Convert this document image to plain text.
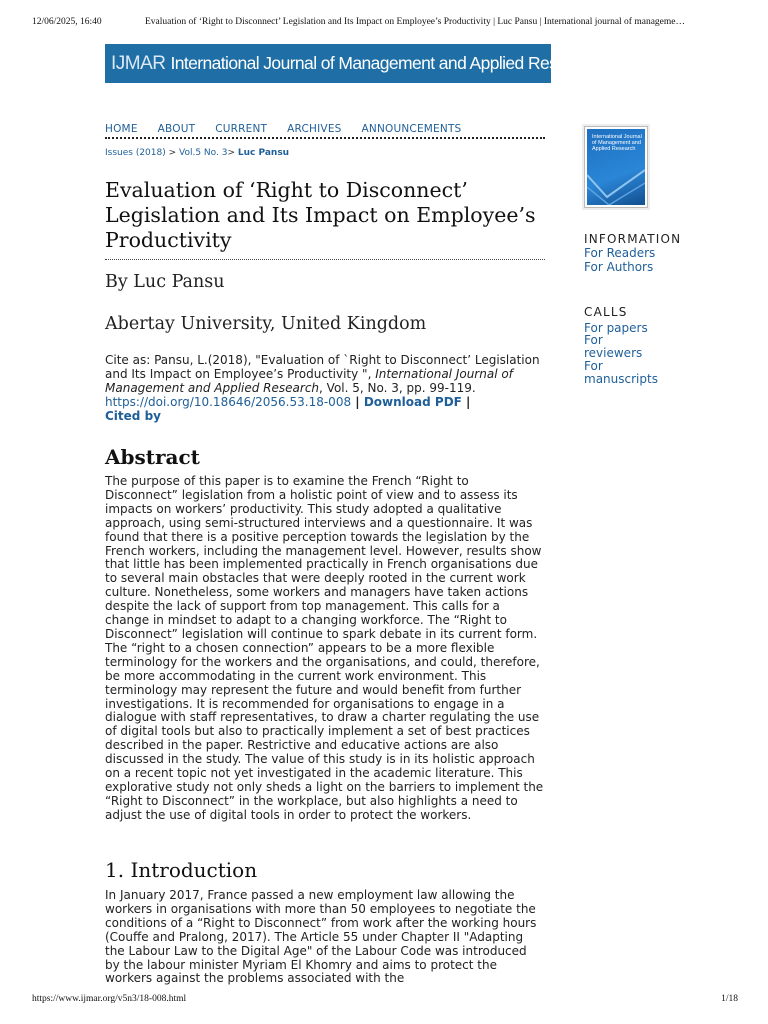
12/06/2025, 16:40	Evaluation of ‘Right to Disconnect’ Legislation and Its Impact on Employee’s Productivity | Luc Pansu | International journal of manageme…
IJMAR International Journal of Management and Applied Research
HOME ABOUT CURRENT ARCHIVES ANNOUNCEMENTS
Issues (2018) > Vol.5 No. 3> Luc Pansu
Evaluation of ‘Right to Disconnect’ Legislation and Its Impact on Employee’s Productivity
By Luc Pansu
Abertay University, United Kingdom
Cite as: Pansu, L.(2018), "Evaluation of `Right to Disconnect’ Legislation and Its Impact on Employee’s Productivity ", International Journal of Management and Applied Research, Vol. 5, No. 3, pp. 99-119. https://doi.org/10.18646/2056.53.18-008 | Download PDF |
Cited by
Abstract

The purpose of this paper is to examine the French “Right to Disconnect” legislation from a holistic point of view and to assess its impacts on workers’ productivity. This study adopted a qualitative approach, using semi-structured interviews and a questionnaire. It was found that there is a positive perception towards the legislation by the French workers, including the management level. However, results show that little has been implemented practically in French organisations due to several main obstacles that were deeply rooted in the current work culture. Nonetheless, some workers and managers have taken actions despite the lack of support from top management. This calls for a change in mindset to adapt to a changing workforce. The “Right to Disconnect” legislation will continue to spark debate in its current form. The “right to a chosen connection” appears to be a more flexible terminology for the workers and the organisations, and could, therefore, be more accommodating in the current work environment. This terminology may represent the future and would benefit from further investigations. It is recommended for organisations to engage in a dialogue with staff representatives, to draw a charter regulating the use of digital tools but also to practically implement a set of best practices described in the paper. Restrictive and educative actions are also discussed in the study. The value of this study is in its holistic approach on a recent topic not yet investigated in the academic literature. This explorative study not only sheds a light on the barriers to implement the “Right to Disconnect” in the workplace, but also highlights a need to adjust the use of digital tools in order to protect the workers.

1. Introduction

In January 2017, France passed a new employment law allowing the workers in organisations with more than 50 employees to negotiate the conditions of a “Right to Disconnect” from work after the working hours (Couffe and Pralong, 2017). The Article 55 under Chapter II "Adapting the Labour Law to the Digital Age" of the Labour Code was introduced by the labour minister Myriam El Khomry and aims to protect the workers against the problems associated with the

International Journal of Management and Applied Research
INFORMATION
For Readers
For Authors
CALLS
For papers
For reviewers
For manuscripts
https://www.ijmar.org/v5n3/18-008.html	1/18
